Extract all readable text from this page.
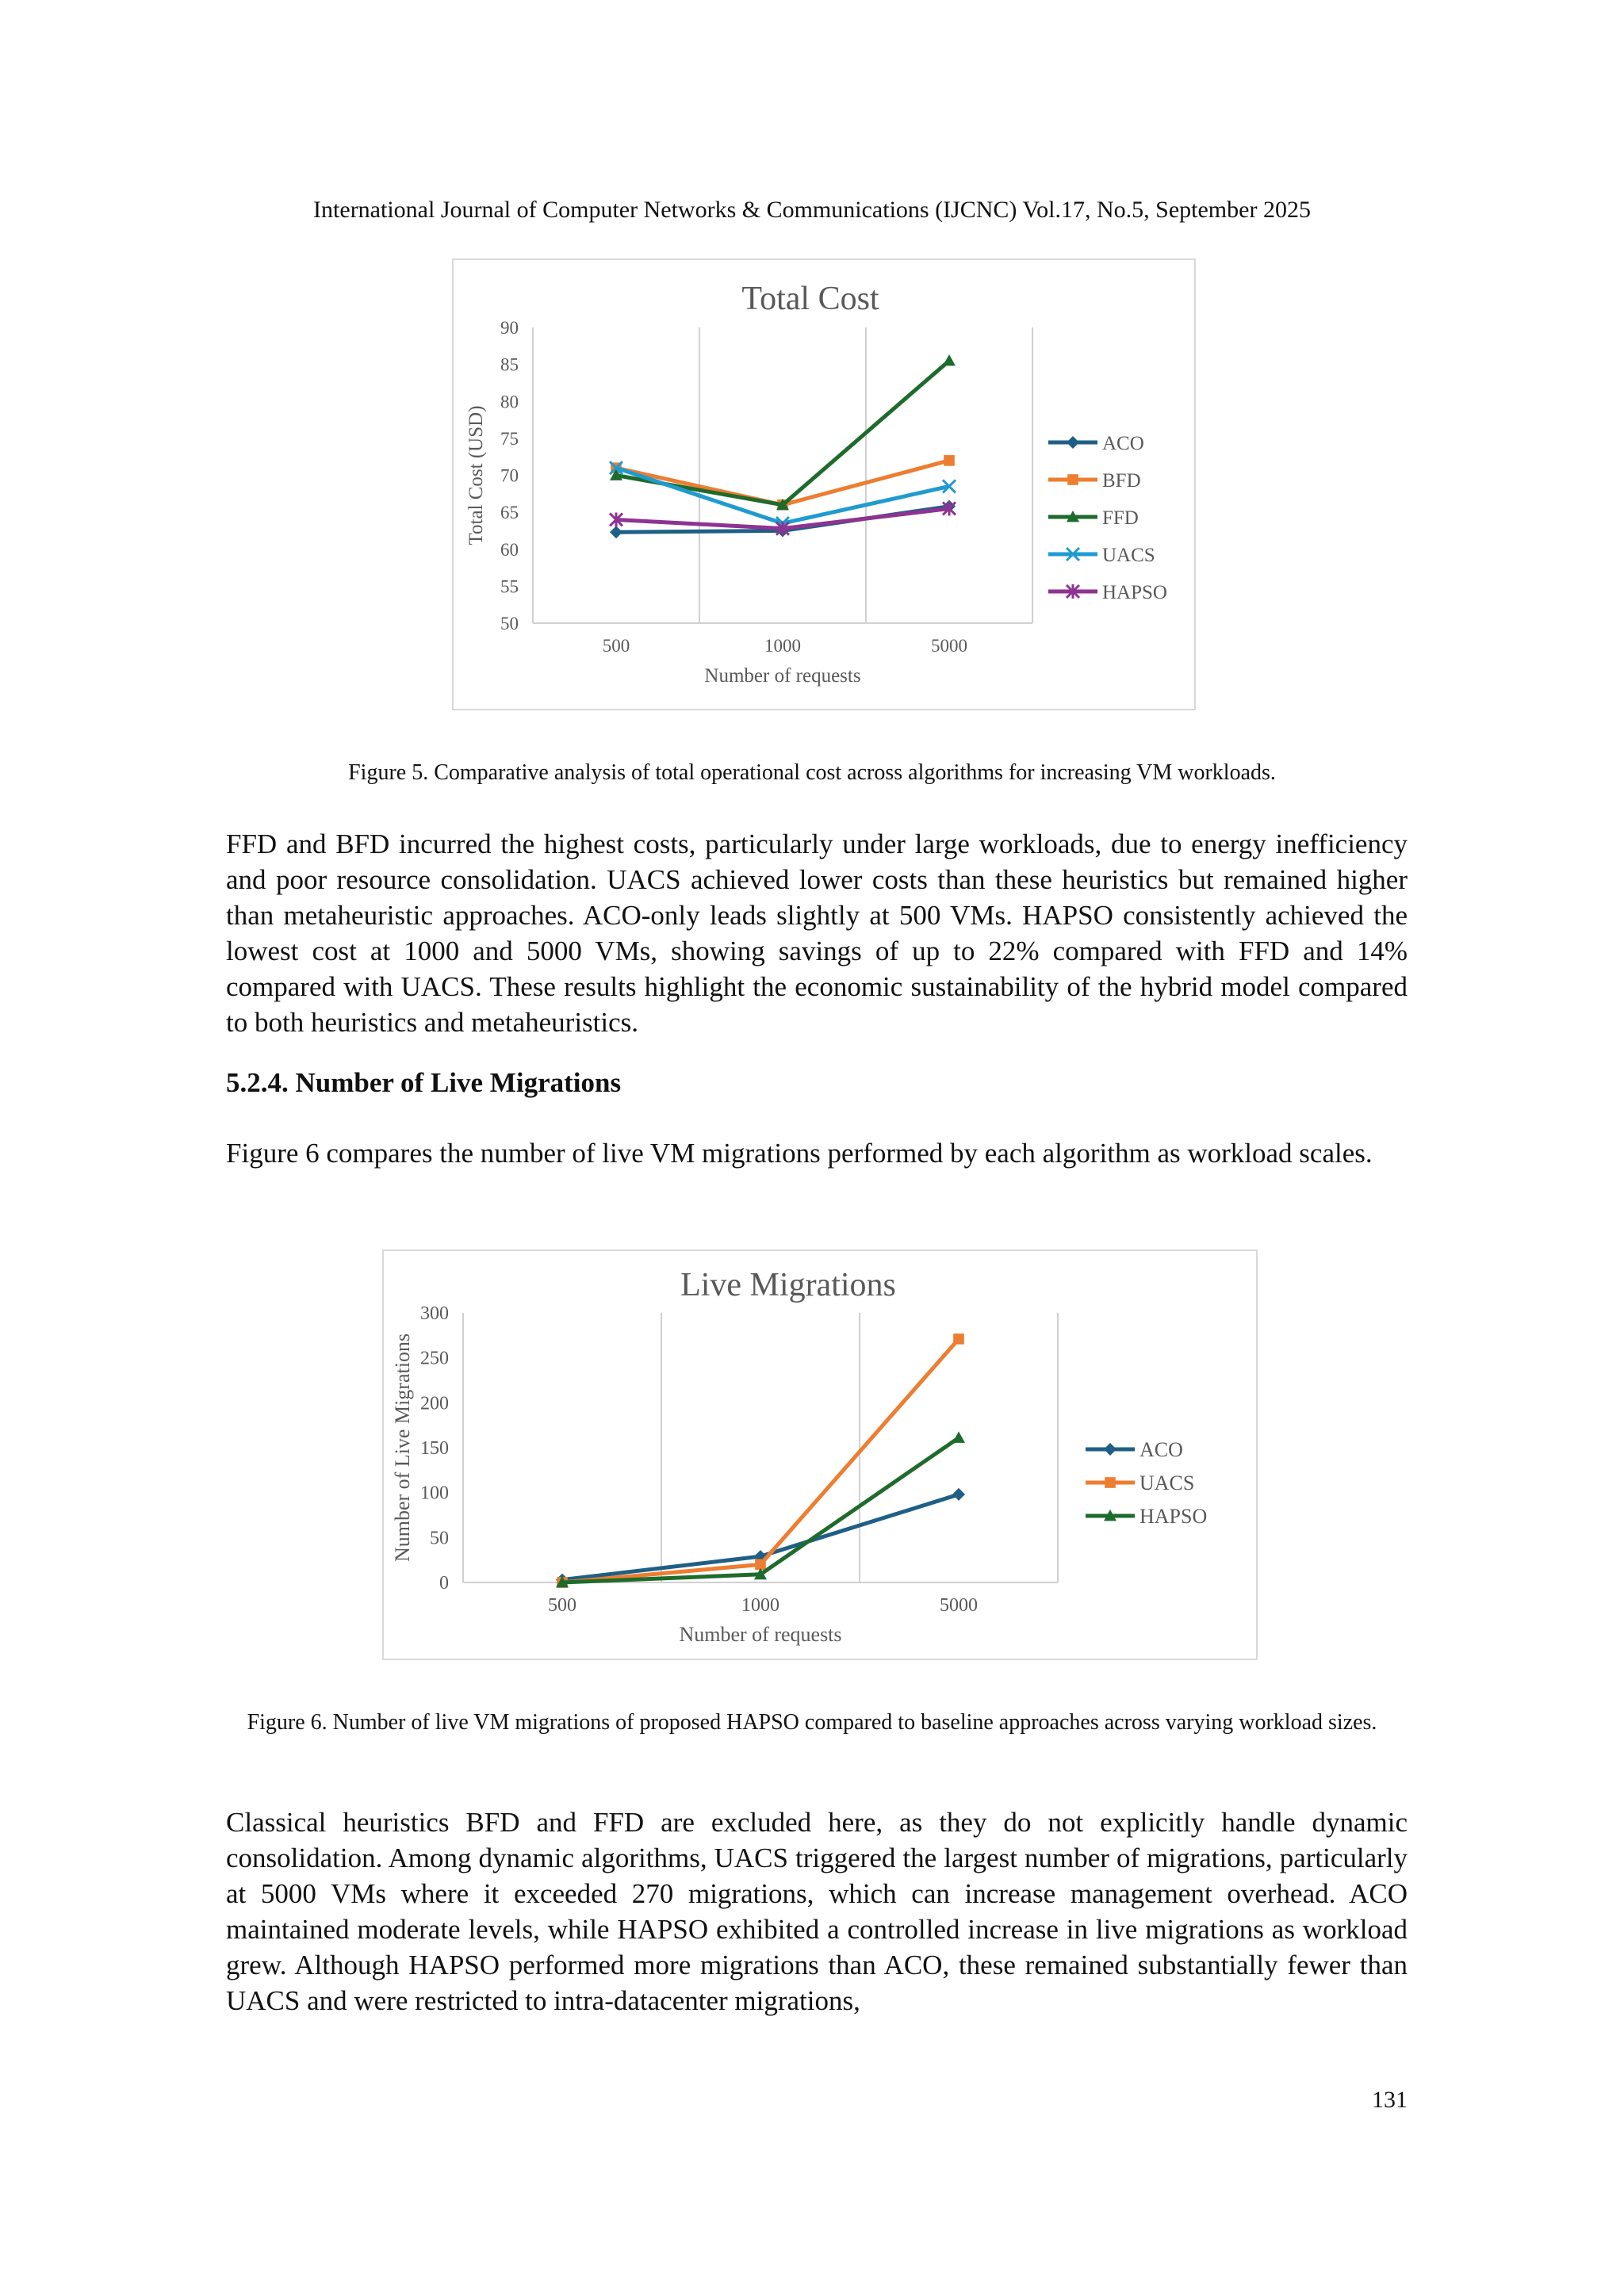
International Journal of Computer Networks & Communications (IJCNC) Vol.17, No.5, September 2025
Total Cost
50
55
60
65
70
75
80
85
90
500	1000	5000
Number of requests
Total Cost (USD)	ACO
BFD
FFD
UACS
HAPSO
Figure 5. Comparative analysis of total operational cost across algorithms for increasing VM workloads.

FFD and BFD incurred the highest costs, particularly under large workloads, due to energy inefficiency and poor resource consolidation. UACS achieved lower costs than these heuristics but remained higher than metaheuristic approaches. ACO-only leads slightly at 500 VMs. HAPSO consistently achieved the lowest cost at 1000 and 5000 VMs, showing savings of up to 22% compared with FFD and 14% compared with UACS. These results highlight the economic sustainability of the hybrid model compared to both heuristics and metaheuristics.

5.2.4. Number of Live Migrations

Figure 6 compares the number of live VM migrations performed by each algorithm as workload scales.

Live Migrations
0
50
100
150
200
250
300
500	1000	5000
Number of requests
Number of Live Migrations	ACO
UACS
HAPSO
Figure 6. Number of live VM migrations of proposed HAPSO compared to baseline approaches across varying workload sizes.

Classical heuristics BFD and FFD are excluded here, as they do not explicitly handle dynamic consolidation. Among dynamic algorithms, UACS triggered the largest number of migrations, particularly at 5000 VMs where it exceeded 270 migrations, which can increase management overhead. ACO maintained moderate levels, while HAPSO exhibited a controlled increase in live migrations as workload grew. Although HAPSO performed more migrations than ACO, these remained substantially fewer than UACS and were restricted to intra-datacenter migrations,

131
